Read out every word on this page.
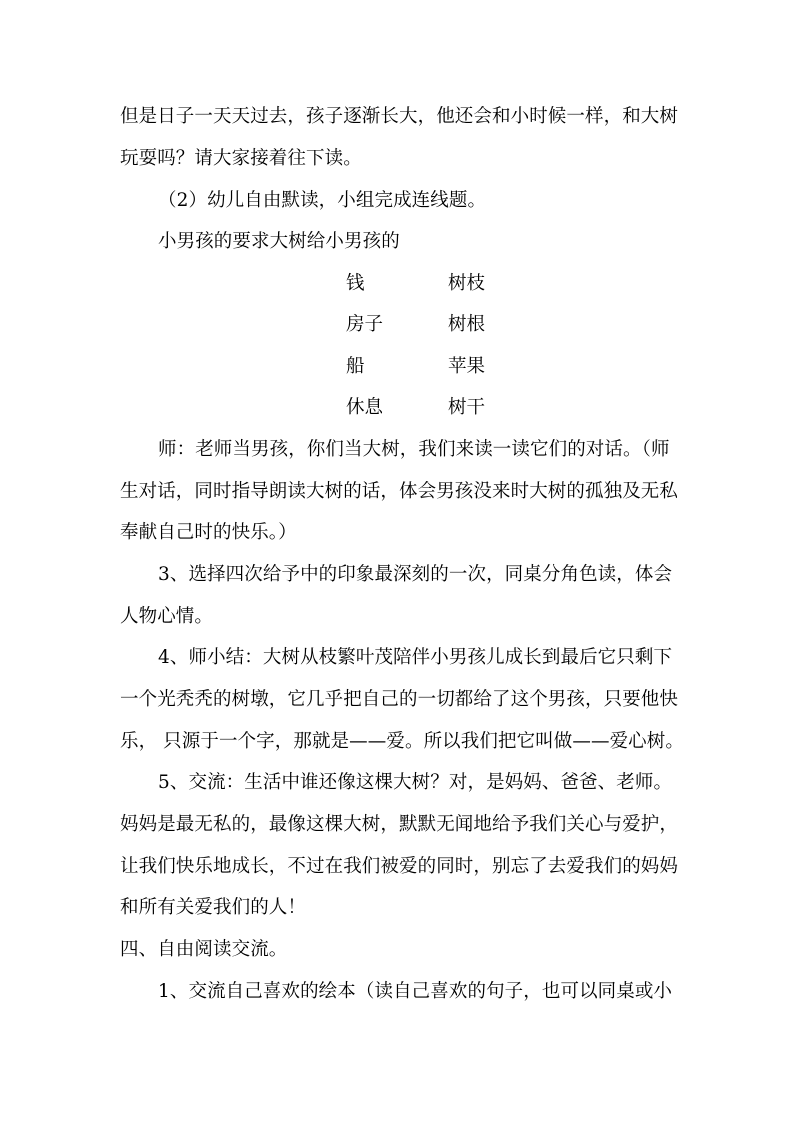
但是日子一天天过去，孩子逐渐长大，他还会和小时候一样，和大树
玩耍吗？请大家接着往下读。
（2）幼儿自由默读，小组完成连线题。
小男孩的要求大树给小男孩的
钱	树枝
房子	树根
船	苹果
休息	树干
师：老师当男孩，你们当大树，我们来读一读它们的对话。（师
生对话，同时指导朗读大树的话，体会男孩没来时大树的孤独及无私
奉献自己时的快乐。）
3、选择四次给予中的印象最深刻的一次，同桌分角色读，体会
人物心情。
4、师小结：大树从枝繁叶茂陪伴小男孩儿成长到最后它只剩下
一个光秃秃的树墩，它几乎把自己的一切都给了这个男孩，只要他快
乐， 只源于一个字，那就是——爱。所以我们把它叫做——爱心树。
5、交流：生活中谁还像这棵大树？对，是妈妈、爸爸、老师。
妈妈是最无私的，最像这棵大树，默默无闻地给予我们关心与爱护，
让我们快乐地成长，不过在我们被爱的同时，别忘了去爱我们的妈妈
和所有关爱我们的人！
四、自由阅读交流。
1、交流自己喜欢的绘本（读自己喜欢的句子，也可以同桌或小
